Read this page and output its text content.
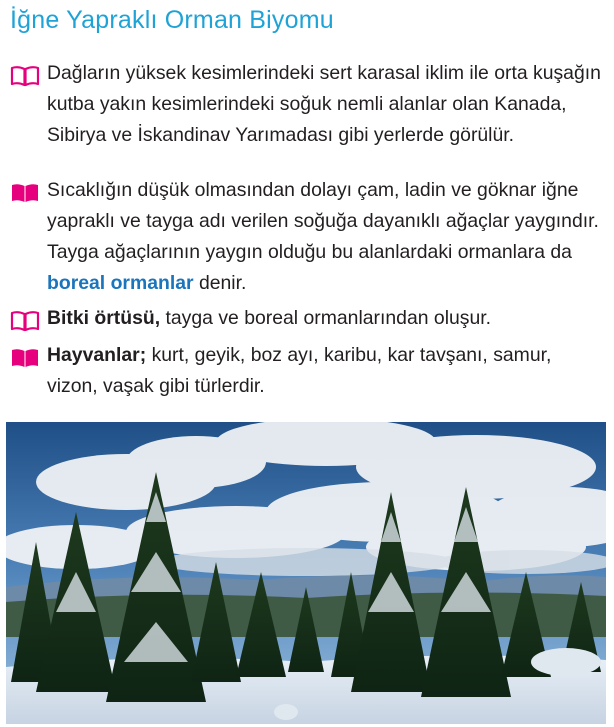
İğne Yapraklı Orman Biyomu
Dağların yüksek kesimlerindeki sert karasal iklim ile orta kuşağın kutba yakın kesimlerindeki soğuk nemli alanlar olan Kanada, Sibirya ve İskandinav Yarımadası gibi yerlerde görülür.
Sıcaklığın düşük olmasından dolayı çam, ladin ve göknar iğne yapraklı ve tayga adı verilen soğuğa dayanıklı ağaçlar yaygındır. Tayga ağaçlarının yaygın olduğu bu alanlardaki ormanlara da boreal ormanlar denir.
Bitki örtüsü, tayga ve boreal ormanlarından oluşur.
Hayvanlar; kurt, geyik, boz ayı, karibu, kar tavşanı, samur, vizon, vaşak gibi türlerdir.
